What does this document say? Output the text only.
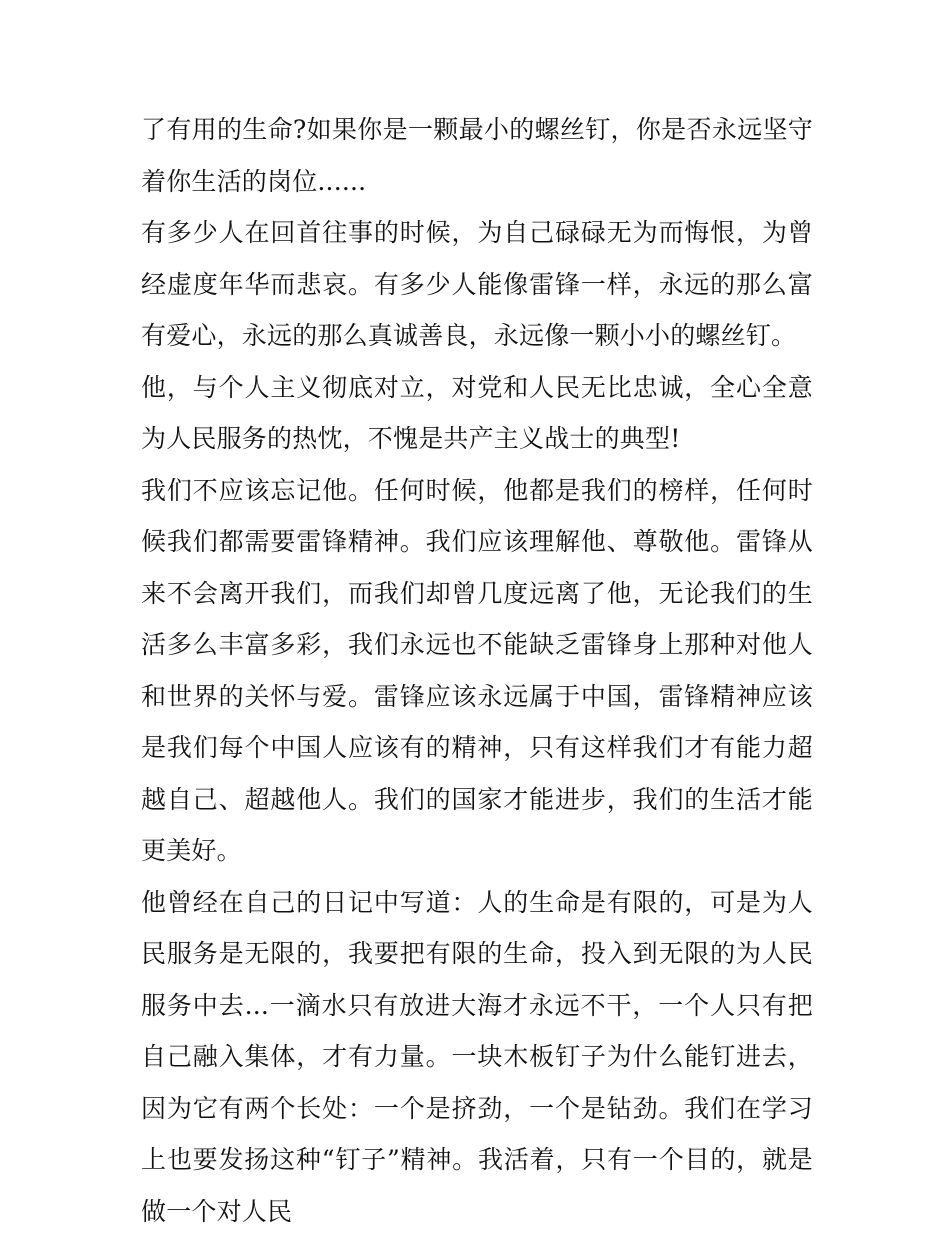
了有用的生命?如果你是一颗最小的螺丝钉，你是否永远坚守着你生活的岗位......

有多少人在回首往事的时候，为自己碌碌无为而悔恨，为曾经虚度年华而悲哀。有多少人能像雷锋一样，永远的那么富有爱心，永远的那么真诚善良，永远像一颗小小的螺丝钉。

他，与个人主义彻底对立，对党和人民无比忠诚，全心全意为人民服务的热忱，不愧是共产主义战士的典型!

我们不应该忘记他。任何时候，他都是我们的榜样，任何时候我们都需要雷锋精神。我们应该理解他、尊敬他。雷锋从来不会离开我们，而我们却曾几度远离了他，无论我们的生活多么丰富多彩，我们永远也不能缺乏雷锋身上那种对他人和世界的关怀与爱。雷锋应该永远属于中国，雷锋精神应该是我们每个中国人应该有的精神，只有这样我们才有能力超越自己、超越他人。我们的国家才能进步，我们的生活才能更美好。

他曾经在自己的日记中写道：人的生命是有限的，可是为人民服务是无限的，我要把有限的生命，投入到无限的为人民服务中去...一滴水只有放进大海才永远不干，一个人只有把自己融入集体，才有力量。一块木板钉子为什么能钉进去，因为它有两个长处：一个是挤劲，一个是钻劲。我们在学习上也要发扬这种“钉子”精神。我活着，只有一个目的，就是做一个对人民
